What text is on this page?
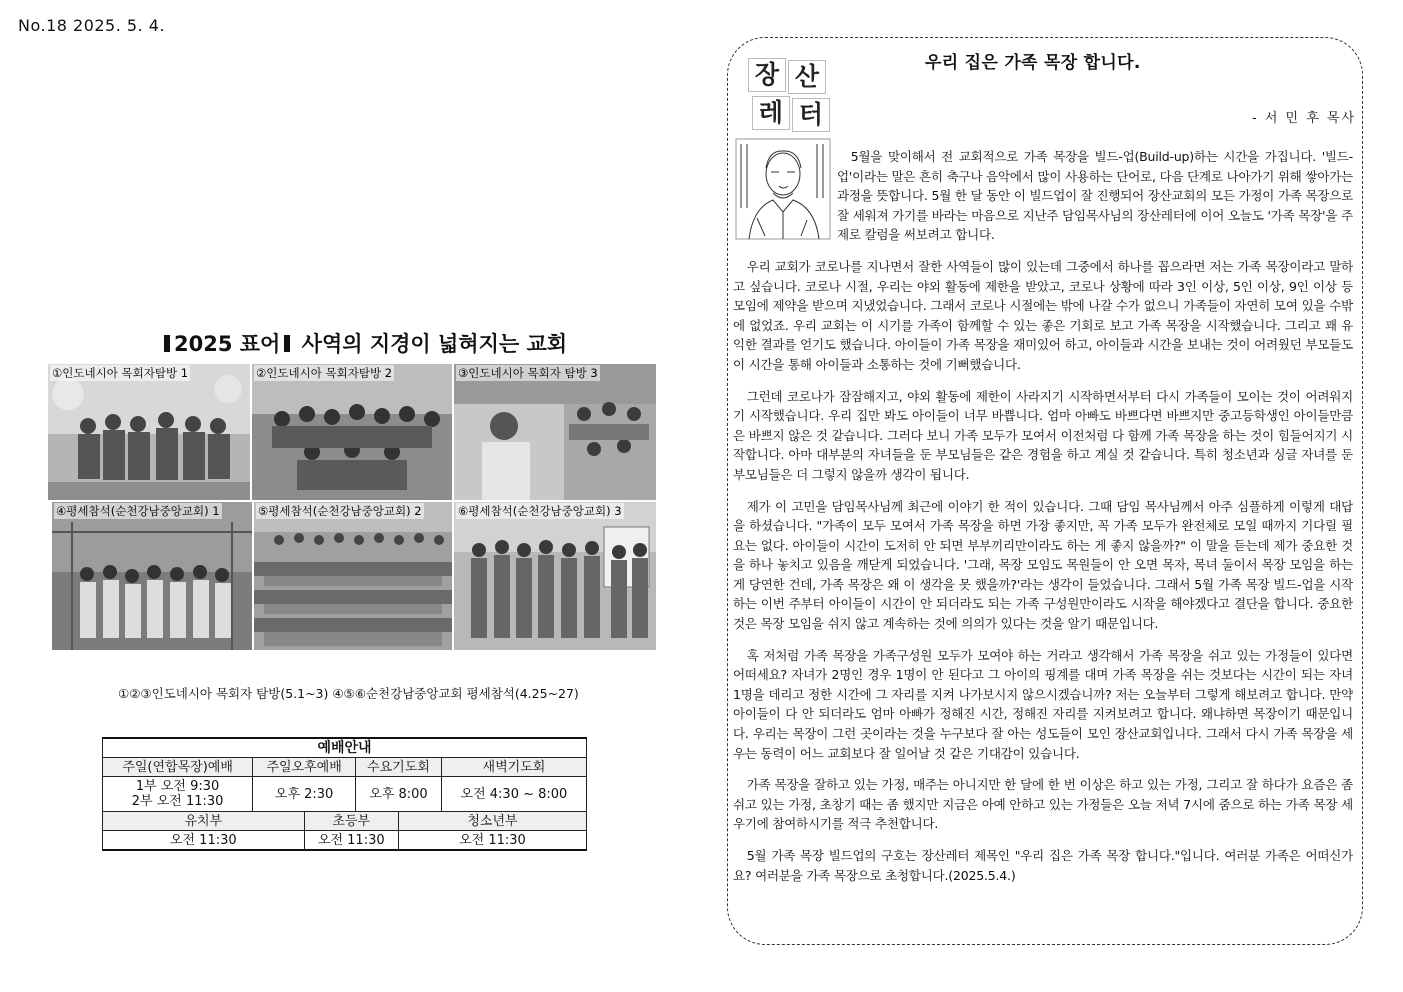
No.18 2025. 5. 4.
2025 표어 사역의 지경이 넓혀지는 교회
①인도네시아 목회자탐방 1	②인도네시아 목회자탐방 2	③인도네시아 목회자 탐방 3
④평세참석(순천강남중앙교회) 1	⑤평세참석(순천강남중앙교회) 2	⑥평세참석(순천강남중앙교회) 3
①②③인도네시아 목회자 탐방(5.1~3) ④⑤⑥순천강남중앙교회 평세참석(4.25~27)
예배안내					
주일(연합목장)예배	주일오후예배		수요기도회		새벽기도회

1부 오전 9:30
2부 오전 11:30	오후 2:30		오후 8:00		오전 4:30 ~ 8:00
유치부		초등부		청소년부	
오전 11:30		오전 11:30		오전 11:30	
장 산
레 터
우리 집은 가족 목장 합니다.
- 서 민 후 목사

5월을 맞이해서 전 교회적으로 가족 목장을 빌드-업(Build-up)하는 시간을 가집니다. '빌드-업'이라는 말은 흔히 축구나 음악에서 많이 사용하는 단어로, 다음 단계로 나아가기 위해 쌓아가는 과정을 뜻합니다. 5월 한 달 동안 이 빌드업이 잘 진행되어 장산교회의 모든 가정이 가족 목장으로 잘 세워져 가기를 바라는 마음으로 지난주 담임목사님의 장산레터에 이어 오늘도 '가족 목장'을 주제로 칼럼을 써보려고 합니다.

우리 교회가 코로나를 지나면서 잘한 사역들이 많이 있는데 그중에서 하나를 꼽으라면 저는 가족 목장이라고 말하고 싶습니다. 코로나 시절, 우리는 야외 활동에 제한을 받았고, 코로나 상황에 따라 3인 이상, 5인 이상, 9인 이상 등 모임에 제약을 받으며 지냈었습니다. 그래서 코로나 시절에는 밖에 나갈 수가 없으니 가족들이 자연히 모여 있을 수밖에 없었죠. 우리 교회는 이 시기를 가족이 함께할 수 있는 좋은 기회로 보고 가족 목장을 시작했습니다. 그리고 꽤 유익한 결과를 얻기도 했습니다. 아이들이 가족 목장을 재미있어 하고, 아이들과 시간을 보내는 것이 어려웠던 부모들도 이 시간을 통해 아이들과 소통하는 것에 기뻐했습니다.

그런데 코로나가 잠잠해지고, 야외 활동에 제한이 사라지기 시작하면서부터 다시 가족들이 모이는 것이 어려워지기 시작했습니다. 우리 집만 봐도 아이들이 너무 바쁩니다. 엄마 아빠도 바쁘다면 바쁘지만 중고등학생인 아이들만큼은 바쁘지 않은 것 같습니다. 그러다 보니 가족 모두가 모여서 이전처럼 다 함께 가족 목장을 하는 것이 힘들어지기 시작합니다. 아마 대부분의 자녀들을 둔 부모님들은 같은 경험을 하고 계실 것 같습니다. 특히 청소년과 싱글 자녀를 둔 부모님들은 더 그렇지 않을까 생각이 됩니다.

제가 이 고민을 담임목사님께 최근에 이야기 한 적이 있습니다. 그때 담임 목사님께서 아주 심플하게 이렇게 대답을 하셨습니다. "가족이 모두 모여서 가족 목장을 하면 가장 좋지만, 꼭 가족 모두가 완전체로 모일 때까지 기다릴 필요는 없다. 아이들이 시간이 도저히 안 되면 부부끼리만이라도 하는 게 좋지 않을까?" 이 말을 듣는데 제가 중요한 것을 하나 놓치고 있음을 깨닫게 되었습니다. '그래, 목장 모임도 목원들이 안 오면 목자, 목녀 둘이서 목장 모임을 하는 게 당연한 건데, 가족 목장은 왜 이 생각을 못 했을까?'라는 생각이 들었습니다. 그래서 5월 가족 목장 빌드-업을 시작하는 이번 주부터 아이들이 시간이 안 되더라도 되는 가족 구성원만이라도 시작을 해야겠다고 결단을 합니다. 중요한 것은 목장 모임을 쉬지 않고 계속하는 것에 의의가 있다는 것을 알기 때문입니다.

혹 저처럼 가족 목장을 가족구성원 모두가 모여야 하는 거라고 생각해서 가족 목장을 쉬고 있는 가정들이 있다면 어떠세요? 자녀가 2명인 경우 1명이 안 된다고 그 아이의 핑계를 대며 가족 목장을 쉬는 것보다는 시간이 되는 자녀 1명을 데리고 정한 시간에 그 자리를 지켜 나가보시지 않으시겠습니까? 저는 오늘부터 그렇게 해보려고 합니다. 만약 아이들이 다 안 되더라도 엄마 아빠가 정해진 시간, 정해진 자리를 지켜보려고 합니다. 왜냐하면 목장이기 때문입니다. 우리는 목장이 그런 곳이라는 것을 누구보다 잘 아는 성도들이 모인 장산교회입니다. 그래서 다시 가족 목장을 세우는 동력이 어느 교회보다 잘 일어날 것 같은 기대감이 있습니다.

가족 목장을 잘하고 있는 가정, 매주는 아니지만 한 달에 한 번 이상은 하고 있는 가정, 그리고 잘 하다가 요즘은 좀 쉬고 있는 가정, 초창기 때는 좀 했지만 지금은 아예 안하고 있는 가정들은 오늘 저녁 7시에 줌으로 하는 가족 목장 세우기에 참여하시기를 적극 추천합니다.

5월 가족 목장 빌드업의 구호는 장산레터 제목인 "우리 집은 가족 목장 합니다."입니다. 여러분 가족은 어떠신가요? 여러분을 가족 목장으로 초청합니다.(2025.5.4.)
